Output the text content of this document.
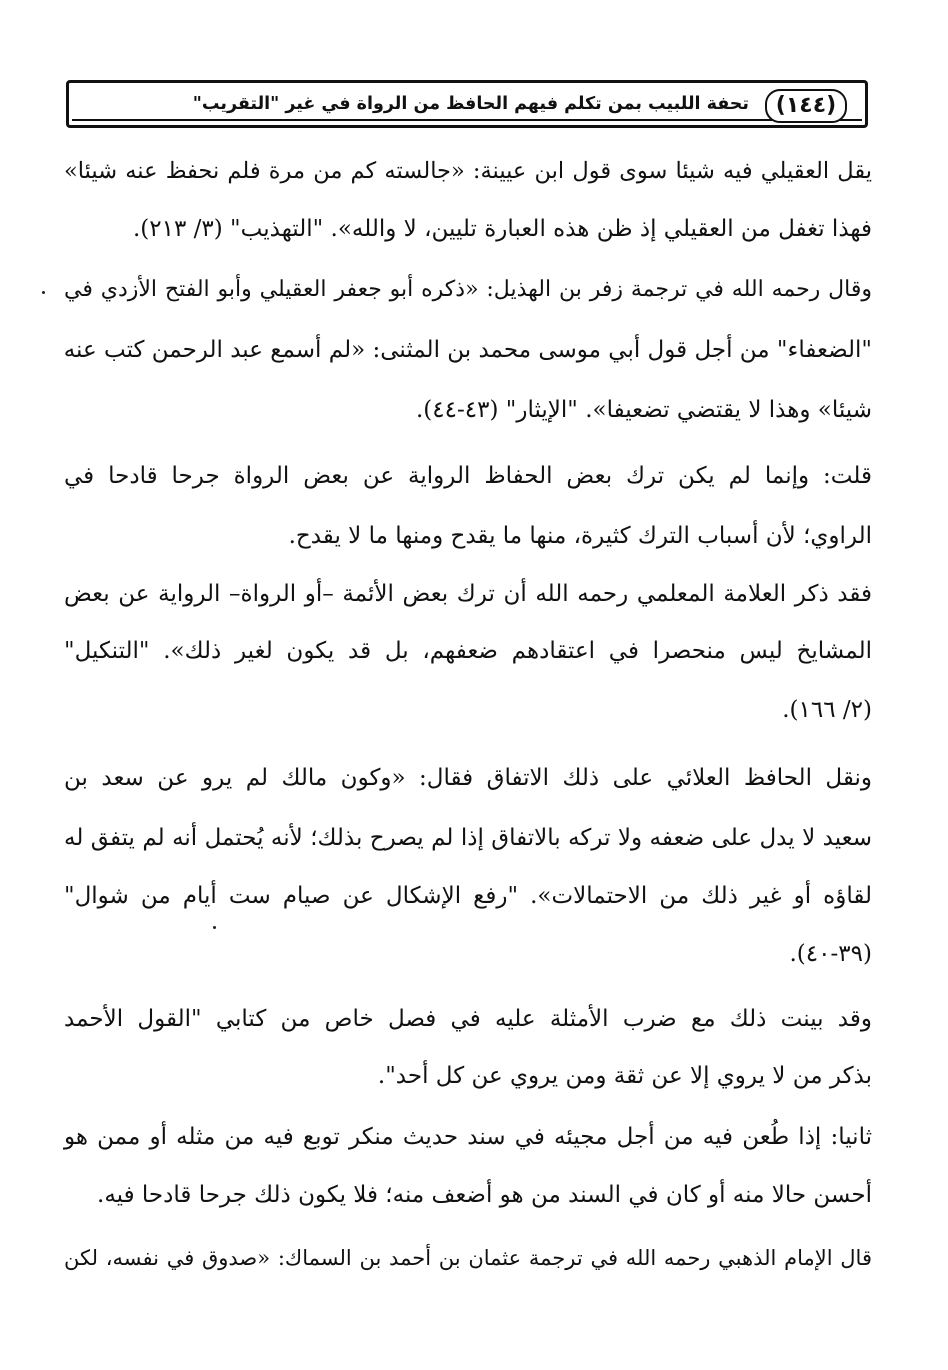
(١٤٤)
تحفة اللبيب بمن تكلم فيهم الحافظ من الرواة في غير "التقريب"
يقل العقيلي فيه شيئا سوى قول ابن عيينة: «جالسته كم من مرة فلم نحفظ عنه شيئا»
فهذا تغفل من العقيلي إذ ظن هذه العبارة تليين، لا والله». "التهذيب" (٣/ ٢١٣).
وقال رحمه الله في ترجمة زفر بن الهذيل: «ذكره أبو جعفر العقيلي وأبو الفتح الأزدي في
"الضعفاء" من أجل قول أبي موسى محمد بن المثنى: «لم أسمع عبد الرحمن كتب عنه
شيئا» وهذا لا يقتضي تضعيفا». "الإيثار" (٤٣-٤٤).
قلت: وإنما لم يكن ترك بعض الحفاظ الرواية عن بعض الرواة جرحا قادحا في
الراوي؛ لأن أسباب الترك كثيرة، منها ما يقدح ومنها ما لا يقدح.
فقد ذكر العلامة المعلمي رحمه الله أن ترك بعض الأئمة –أو الرواة– الرواية عن بعض
المشايخ ليس منحصرا في اعتقادهم ضعفهم، بل قد يكون لغير ذلك». "التنكيل"
(٢/ ١٦٦).
ونقل الحافظ العلائي على ذلك الاتفاق فقال: «وكون مالك لم يرو عن سعد بن
سعيد لا يدل على ضعفه ولا تركه بالاتفاق إذا لم يصرح بذلك؛ لأنه يُحتمل أنه لم يتفق له
لقاؤه أو غير ذلك من الاحتمالات». "رفع الإشكال عن صيام ست أيام من شوال"
(٣٩-٤٠).
وقد بينت ذلك مع ضرب الأمثلة عليه في فصل خاص من كتابي "القول الأحمد
بذكر من لا يروي إلا عن ثقة ومن يروي عن كل أحد".
ثانيا: إذا طُعن فيه من أجل مجيئه في سند حديث منكر توبع فيه من مثله أو ممن هو
أحسن حالا منه أو كان في السند من هو أضعف منه؛ فلا يكون ذلك جرحا قادحا فيه.
قال الإمام الذهبي رحمه الله في ترجمة عثمان بن أحمد بن السماك: «صدوق في نفسه، لكن
